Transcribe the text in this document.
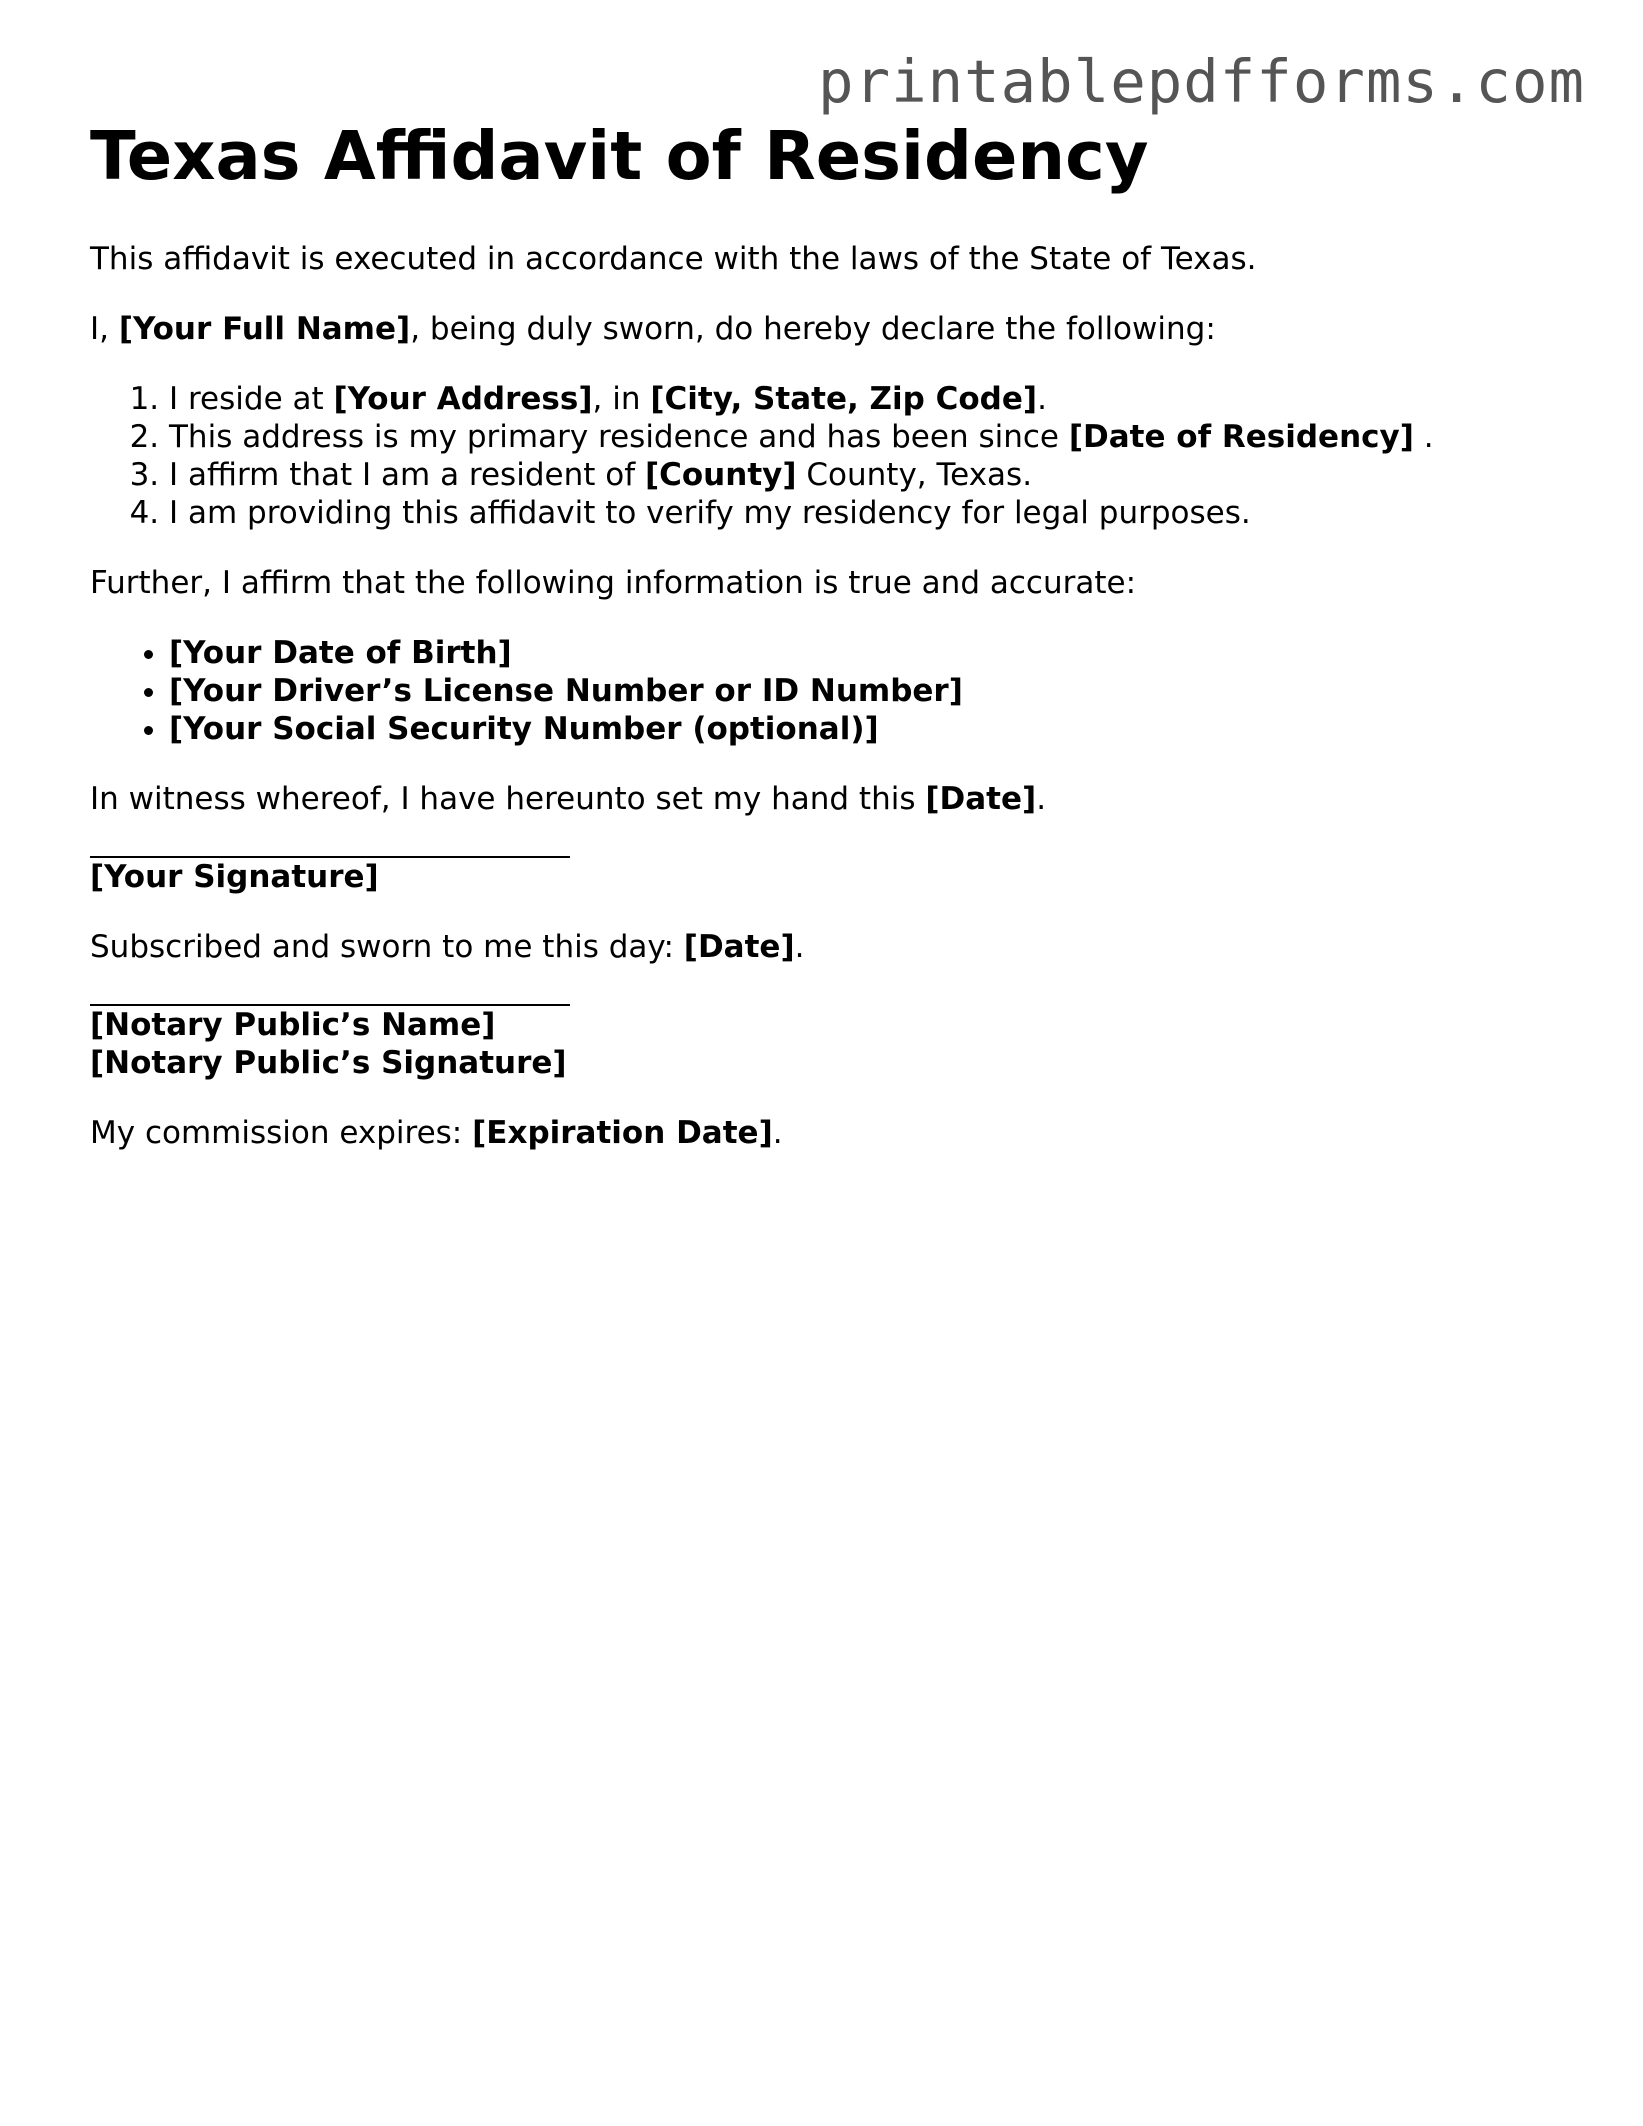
printablepdfforms.com
Texas Affidavit of Residency

This affidavit is executed in accordance with the laws of the State of Texas.

I, [Your Full Name], being duly sworn, do hereby declare the following:

1. I reside at [Your Address], in [City, State, Zip Code].
2. This address is my primary residence and has been since [Date of Residency] .
3. I affirm that I am a resident of [County] County, Texas.
4. I am providing this affidavit to verify my residency for legal purposes.

Further, I affirm that the following information is true and accurate:

• [Your Date of Birth]
• [Your Driver’s License Number or ID Number]
• [Your Social Security Number (optional)]

In witness whereof, I have hereunto set my hand this [Date].

[Your Signature]

Subscribed and sworn to me this day: [Date].

[Notary Public’s Name]

[Notary Public’s Signature]

My commission expires: [Expiration Date].
